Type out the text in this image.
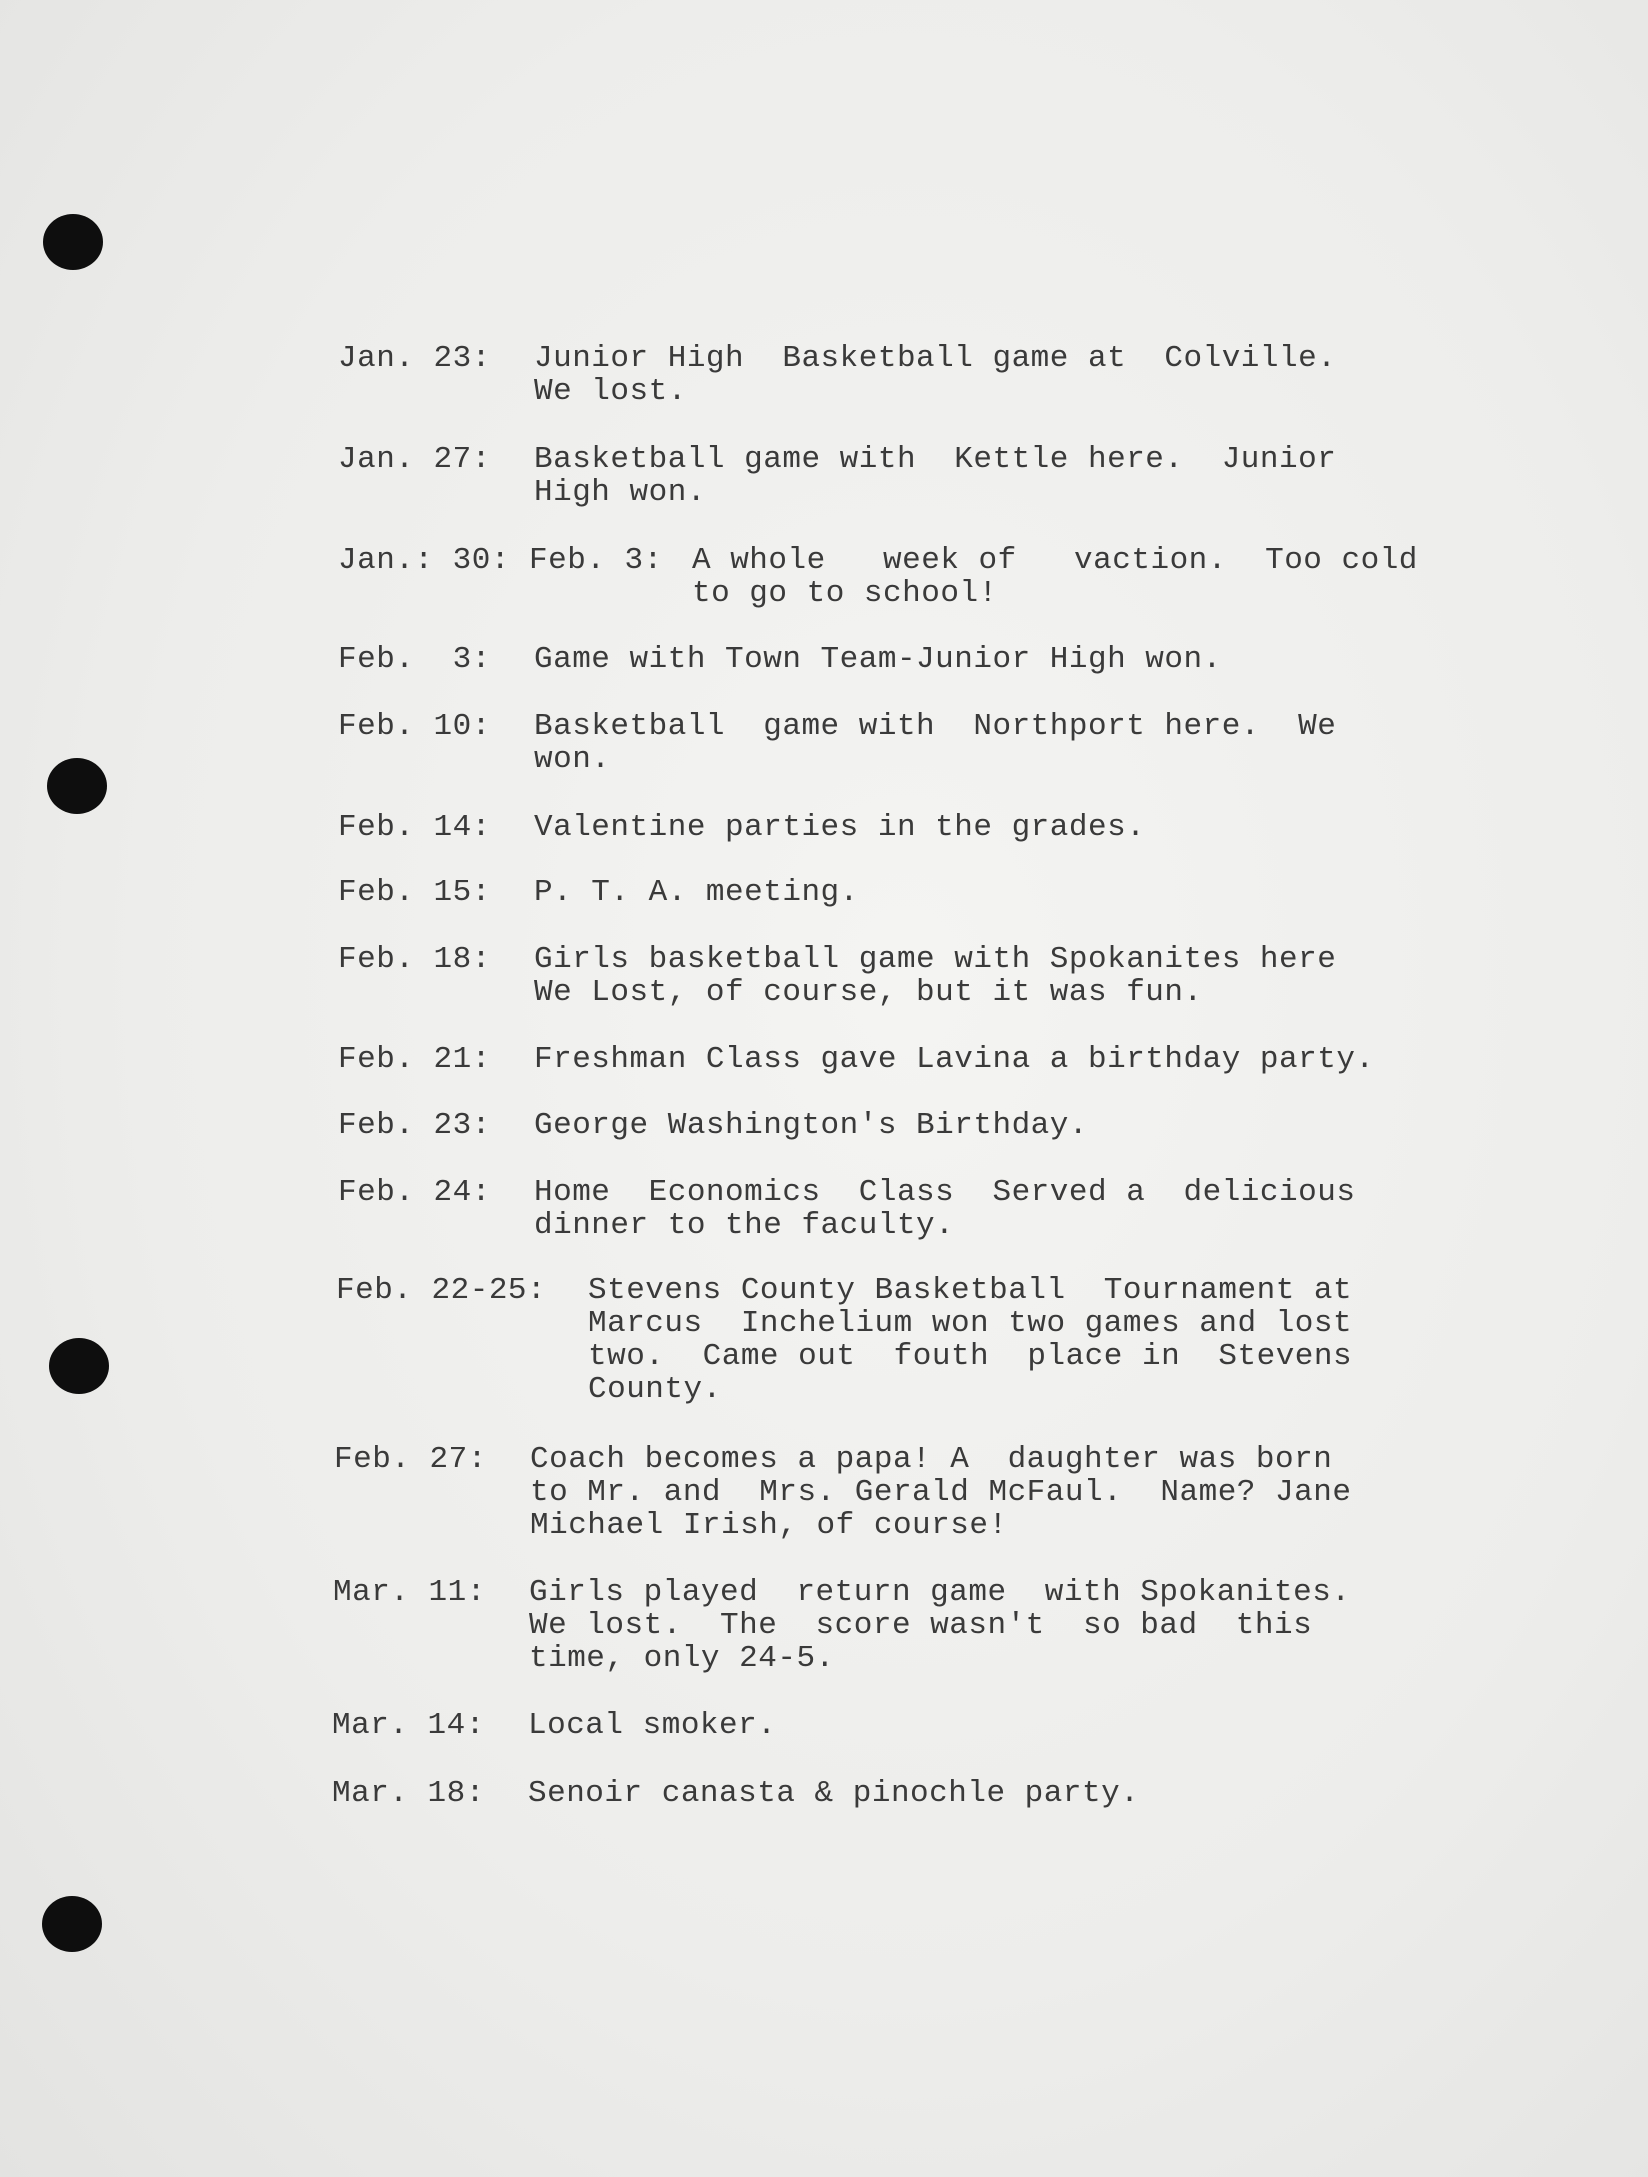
Jan. 23:

Junior High  Basketball game at  Colville.

We lost.

Jan. 27:

Basketball game with  Kettle here.  Junior

High won.

Jan.: 30: Feb. 3:

A whole   week of   vaction.  Too cold

to go to school!

Feb.  3:

Game with Town Team-Junior High won.

Feb. 10:

Basketball  game with  Northport here.  We

won.

Feb. 14:

Valentine parties in the grades.

Feb. 15:

P. T. A. meeting.

Feb. 18:

Girls basketball game with Spokanites here

We Lost, of course, but it was fun.

Feb. 21:

Freshman Class gave Lavina a birthday party.

Feb. 23:

George Washington's Birthday.

Feb. 24:

Home  Economics  Class  Served a  delicious

dinner to the faculty.

Feb. 22-25:

Stevens County Basketball  Tournament at

Marcus  Inchelium won two games and lost

two.  Came out  fouth  place in  Stevens

County.

Feb. 27:

Coach becomes a papa! A  daughter was born

to Mr. and  Mrs. Gerald McFaul.  Name? Jane

Michael Irish, of course!

Mar. 11:

Girls played  return game  with Spokanites.

We lost.  The  score wasn't  so bad  this

time, only 24-5.

Mar. 14:

Local smoker.

Mar. 18:

Senoir canasta & pinochle party.
